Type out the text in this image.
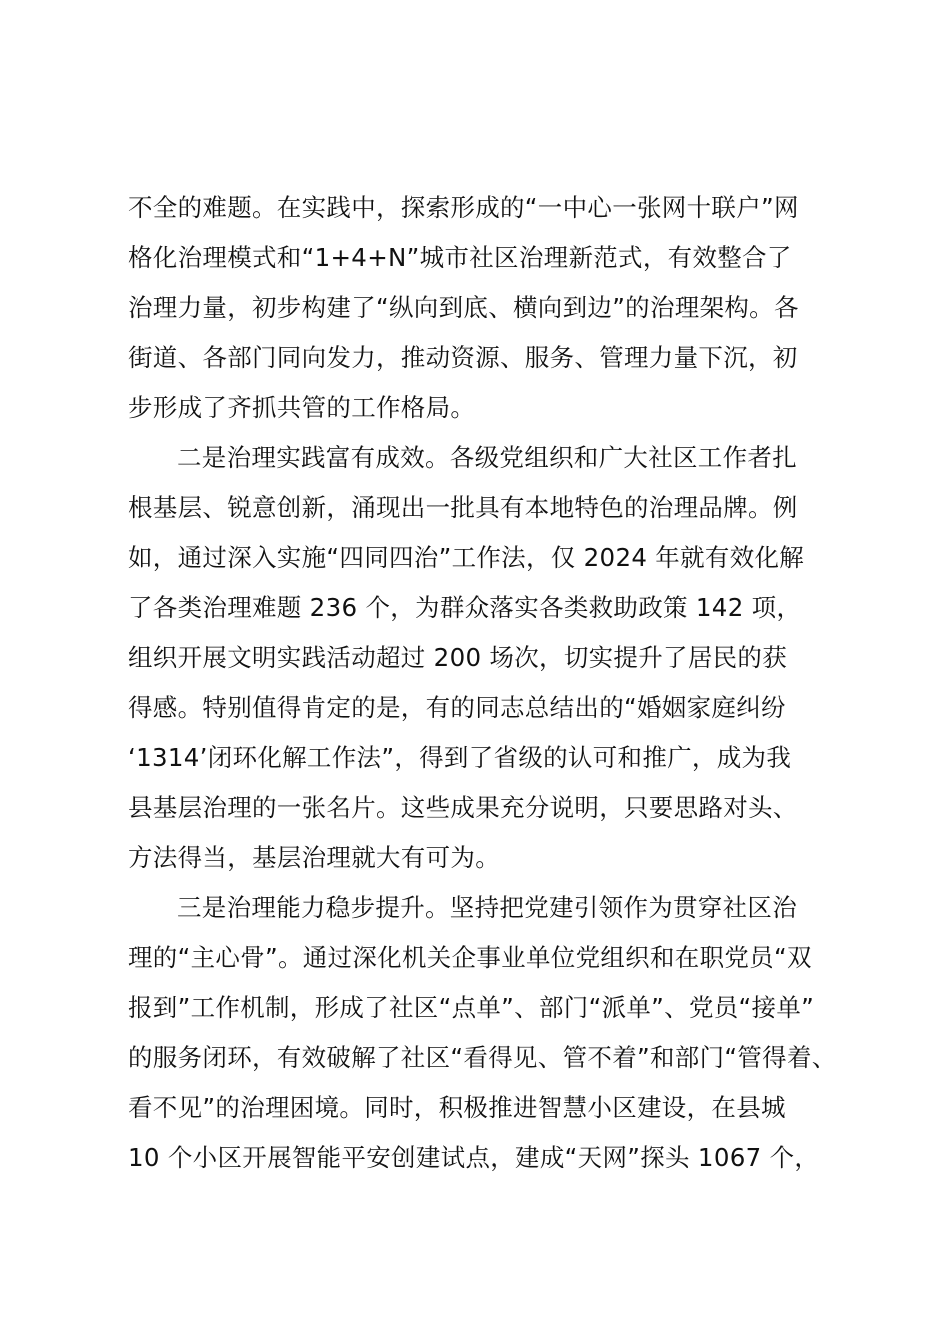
不全的难题。在实践中，探索形成的“一中心一张网十联户”网
格化治理模式和“1+4+N”城市社区治理新范式，有效整合了
治理力量，初步构建了“纵向到底、横向到边”的治理架构。各
街道、各部门同向发力，推动资源、服务、管理力量下沉，初
步形成了齐抓共管的工作格局。
二是治理实践富有成效。各级党组织和广大社区工作者扎
根基层、锐意创新，涌现出一批具有本地特色的治理品牌。例
如，通过深入实施“四同四治”工作法，仅 2024 年就有效化解
了各类治理难题 236 个，为群众落实各类救助政策 142 项，
组织开展文明实践活动超过 200 场次，切实提升了居民的获
得感。特别值得肯定的是，有的同志总结出的“婚姻家庭纠纷
‘1314’闭环化解工作法”，得到了省级的认可和推广，成为我
县基层治理的一张名片。这些成果充分说明，只要思路对头、
方法得当，基层治理就大有可为。
三是治理能力稳步提升。坚持把党建引领作为贯穿社区治
理的“主心骨”。通过深化机关企事业单位党组织和在职党员“双
报到”工作机制，形成了社区“点单”、部门“派单”、党员“接单”
的服务闭环，有效破解了社区“看得见、管不着”和部门“管得着、
看不见”的治理困境。同时，积极推进智慧小区建设，在县城
10 个小区开展智能平安创建试点，建成“天网”探头 1067 个，
